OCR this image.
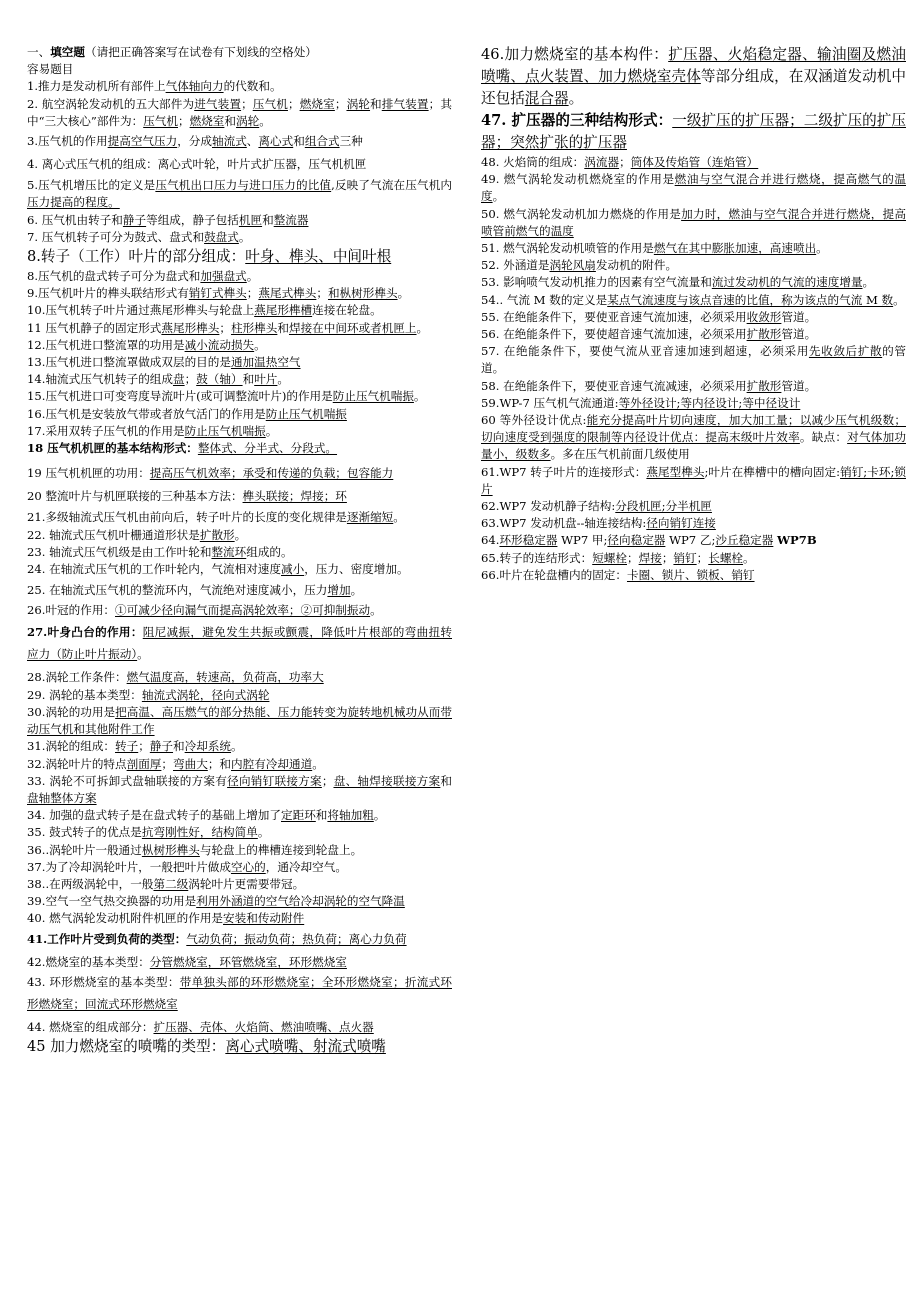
一、填空题（请把正确答案写在试卷有下划线的空格处）
容易题目
1.推力是发动机所有部件上气体轴向力的代数和。
2. 航空涡轮发动机的五大部件为进气装置；压气机；燃烧室；涡轮和排气装置；其中“三大核心”部件为：压气机；燃烧室和涡轮。
3.压气机的作用提高空气压力，分成轴流式、离心式和组合式三种
4. 离心式压气机的组成：离心式叶轮，叶片式扩压器，压气机机匣
5.压气机增压比的定义是压气机出口压力与进口压力的比值,反映了气流在压气机内压力提高的程度。
6. 压气机由转子和静子等组成，静子包括机匣和整流器
7. 压气机转子可分为鼓式、盘式和鼓盘式。
8.转子（工作）叶片的部分组成：叶身、榫头、中间叶根
8.压气机的盘式转子可分为盘式和加强盘式。
9.压气机叶片的榫头联结形式有销钉式榫头；燕尾式榫头；和枞树形榫头。
10.压气机转子叶片通过燕尾形榫头与轮盘上燕尾形榫槽连接在轮盘。
11 压气机静子的固定形式燕尾形榫头；柱形榫头和焊接在中间环或者机匣上。
12.压气机进口整流罩的功用是减小流动损失。
13.压气机进口整流罩做成双层的目的是通加温热空气
14.轴流式压气机转子的组成盘；鼓（轴）和叶片。
15.压气机进口可变弯度导流叶片(或可调整流叶片)的作用是防止压气机喘振。
16.压气机是安装放气带或者放气活门的作用是防止压气机喘振
17.采用双转子压气机的作用是防止压气机喘振。
18 压气机机匣的基本结构形式：整体式、分半式、分段式。
19 压气机机匣的功用：提高压气机效率；承受和传递的负载；包容能力
20 整流叶片与机匣联接的三种基本方法：榫头联接；焊接；环
21.多级轴流式压气机由前向后，转子叶片的长度的变化规律是逐渐缩短。
22. 轴流式压气机叶栅通道形状是扩散形。
23. 轴流式压气机级是由工作叶轮和整流环组成的。
24. 在轴流式压气机的工作叶轮内，气流相对速度减小，压力、密度增加。
25. 在轴流式压气机的整流环内，气流绝对速度减小，压力增加。
26.叶冠的作用：①可减少径向漏气而提高涡轮效率；②可抑制振动。
27.叶身凸台的作用：阻尼减振，避免发生共振或颤震，降低叶片根部的弯曲扭转应力（防止叶片振动）。
28.涡轮工作条件：燃气温度高，转速高，负荷高，功率大
29. 涡轮的基本类型：轴流式涡轮，径向式涡轮
30.涡轮的功用是把高温、高压燃气的部分热能、压力能转变为旋转地机械功从而带动压气机和其他附件工作
31.涡轮的组成：转子；静子和冷却系统。
32.涡轮叶片的特点剖面厚；弯曲大；和内腔有冷却通道。
33. 涡轮不可拆卸式盘轴联接的方案有径向销钉联接方案；盘、轴焊接联接方案和盘轴整体方案
34. 加强的盘式转子是在盘式转子的基础上增加了定距环和将轴加粗。
35. 鼓式转子的优点是抗弯刚性好，结构简单。
36..涡轮叶片一般通过枞树形榫头与轮盘上的榫槽连接到轮盘上。
37.为了冷却涡轮叶片，一般把叶片做成空心的，通冷却空气。
38..在两级涡轮中，一般第二级涡轮叶片更需要带冠。
39.空气一空气热交换器的功用是利用外涵道的空气给冷却涡轮的空气降温
40. 燃气涡轮发动机附件机匣的作用是安装和传动附件
41.工作叶片受到负荷的类型：气动负荷；振动负荷；热负荷；离心力负荷
42.燃烧室的基本类型：分管燃烧室，环管燃烧室，环形燃烧室
43. 环形燃烧室的基本类型：带单独头部的环形燃烧室；全环形燃烧室；折流式环形燃烧室；回流式环形燃烧室
44. 燃烧室的组成部分：扩压器、壳体、火焰筒、燃油喷嘴、点火器
45 加力燃烧室的喷嘴的类型：离心式喷嘴、射流式喷嘴
46.加力燃烧室的基本构件：扩压器、火焰稳定器、输油圈及燃油喷嘴、点火装置、加力燃烧室壳体等部分组成，在双涵道发动机中还包括混合器。
47. 扩压器的三种结构形式：一级扩压的扩压器；二级扩压的扩压器；突然扩张的扩压器
48. 火焰筒的组成：涡流器；筒体及传焰管（连焰管）
49. 燃气涡轮发动机燃烧室的作用是燃油与空气混合并进行燃烧，提高燃气的温度。
50. 燃气涡轮发动机加力燃烧的作用是加力时，燃油与空气混合并进行燃烧，提高喷管前燃气的温度
51. 燃气涡轮发动机喷管的作用是燃气在其中膨胀加速，高速喷出。
52. 外涵道是涡轮风扇发动机的附件。
53. 影响喷气发动机推力的因素有空气流量和流过发动机的气流的速度增量。
54.. 气流 M 数的定义是某点气流速度与该点音速的比值，称为该点的气流 M 数。
55. 在绝能条件下，要使亚音速气流加速，必须采用收敛形管道。
56. 在绝能条件下，要使超音速气流加速，必须采用扩散形管道。
57. 在绝能条件下，要使气流从亚音速加速到超速，必须采用先收敛后扩散的管道。
58. 在绝能条件下，要使亚音速气流减速，必须采用扩散形管道。
59.WP-7 压气机气流通道:等外径设计;等内径设计;等中径设计
60 等外径设计优点:能充分提高叶片切向速度，加大加工量；以减少压气机级数；切向速度受到强度的限制等内径设计优点：提高末级叶片效率。缺点：对气体加功量小，级数多。多在压气机前面几级使用
61.WP7 转子叶片的连接形式：燕尾型榫头;叶片在榫槽中的槽向固定:销钉;卡环;锁片
62.WP7 发动机静子结构:分段机匣;分半机匣
63.WP7 发动机盘--轴连接结构:径向销钉连接
64.环形稳定器 WP7 甲;径向稳定器 WP7 乙;沙丘稳定器 WP7B
65.转子的连结形式：短螺栓；焊接；销钉；长螺栓。
66.叶片在轮盘槽内的固定：卡圈、锁片、锁板、销钉
